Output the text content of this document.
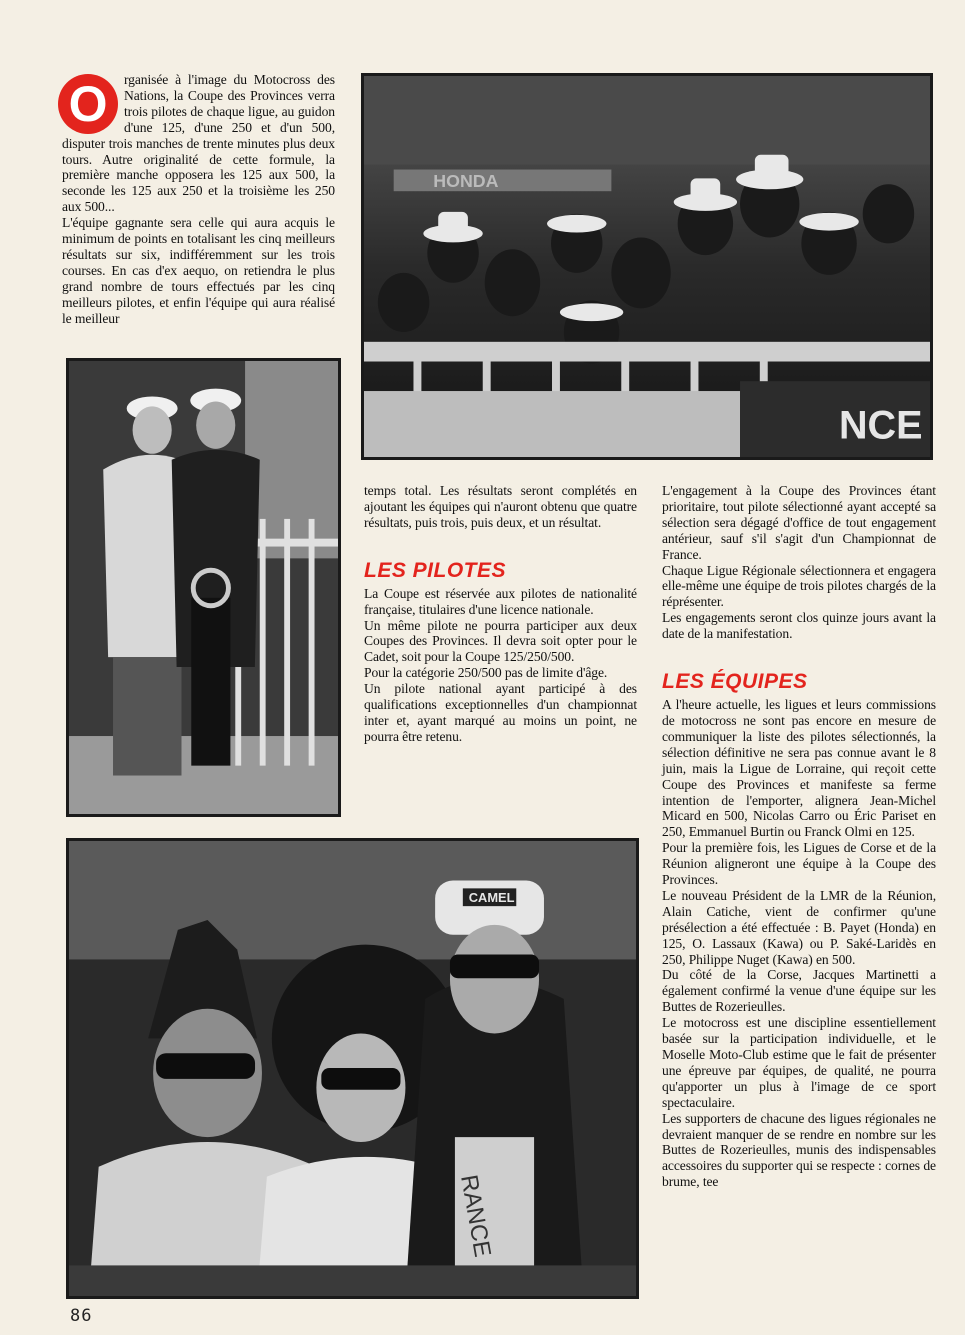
O	rganisée à l'image du Motocross des Nations, la Coupe des Provinces verra trois pilotes de chaque ligue, au guidon d'une 125, d'une 250 et d'un 500, disputer trois manches de trente minutes plus deux tours. Autre originalité de cette formule, la première manche opposera les 125 aux 500, la seconde les 125 aux 250 et la troisième les 250 aux 500...

L'équipe gagnante sera celle qui aura acquis le minimum de points en totalisant les cinq meilleurs résultats sur six, indifféremment sur les trois courses. En cas d'ex aequo, on retiendra le plus grand nombre de tours effectués par les cinq meilleurs pilotes, et enfin l'équipe qui aura réalisé le meilleur

HONDA
NCE

temps total. Les résultats seront complétés en ajoutant les équipes qui n'auront obtenu que quatre résultats, puis trois, puis deux, et un résultat.

LES PILOTES

La Coupe est réservée aux pilotes de nationalité française, titulaires d'une licence nationale.

Un même pilote ne pourra participer aux deux Coupes des Provinces. Il devra soit opter pour le Cadet, soit pour la Coupe 125/250/500.

Pour la catégorie 250/500 pas de limite d'âge.

Un pilote national ayant participé à des qualifications exceptionnelles d'un championnat inter et, ayant marqué au moins un point, ne pourra être retenu.

L'engagement à la Coupe des Provinces étant prioritaire, tout pilote sélectionné ayant accepté sa sélection sera dégagé d'office de tout engagement antérieur, sauf s'il s'agit d'un Championnat de France.

Chaque Ligue Régionale sélectionnera et engagera elle-même une équipe de trois pilotes chargés de la réprésenter.

Les engagements seront clos quinze jours avant la date de la manifestation.

LES ÉQUIPES

A l'heure actuelle, les ligues et leurs commissions de motocross ne sont pas encore en mesure de communiquer la liste des pilotes sélectionnés, la sélection définitive ne sera pas connue avant le 8 juin, mais la Ligue de Lorraine, qui reçoit cette Coupe des Provinces et manifeste sa ferme intention de l'emporter, alignera Jean-Michel Micard en 500, Nicolas Carro ou Éric Pariset en 250, Emmanuel Burtin ou Franck Olmi en 125.

Pour la première fois, les Ligues de Corse et de la Réunion aligneront une équipe à la Coupe des Provinces.

Le nouveau Président de la LMR de la Réunion, Alain Catiche, vient de confirmer qu'une présélection a été effectuée : B. Payet (Honda) en 125, O. Lassaux (Kawa) ou P. Saké-Laridès en 250, Philippe Nuget (Kawa) en 500.

Du côté de la Corse, Jacques Martinetti a également confirmé la venue d'une équipe sur les Buttes de Rozerieulles.

Le motocross est une discipline essentiellement basée sur la participation individuelle, et le Moselle Moto-Club estime que le fait de présenter une épreuve par équipes, de qualité, ne pourra qu'apporter un plus à l'image de ce sport spectaculaire.

Les supporters de chacune des ligues régionales ne devraient manquer de se rendre en nombre sur les Buttes de Rozerieulles, munis des indispensables accessoires du supporter qui se respecte : cornes de brume, tee

CAMEL
RANCE
86
